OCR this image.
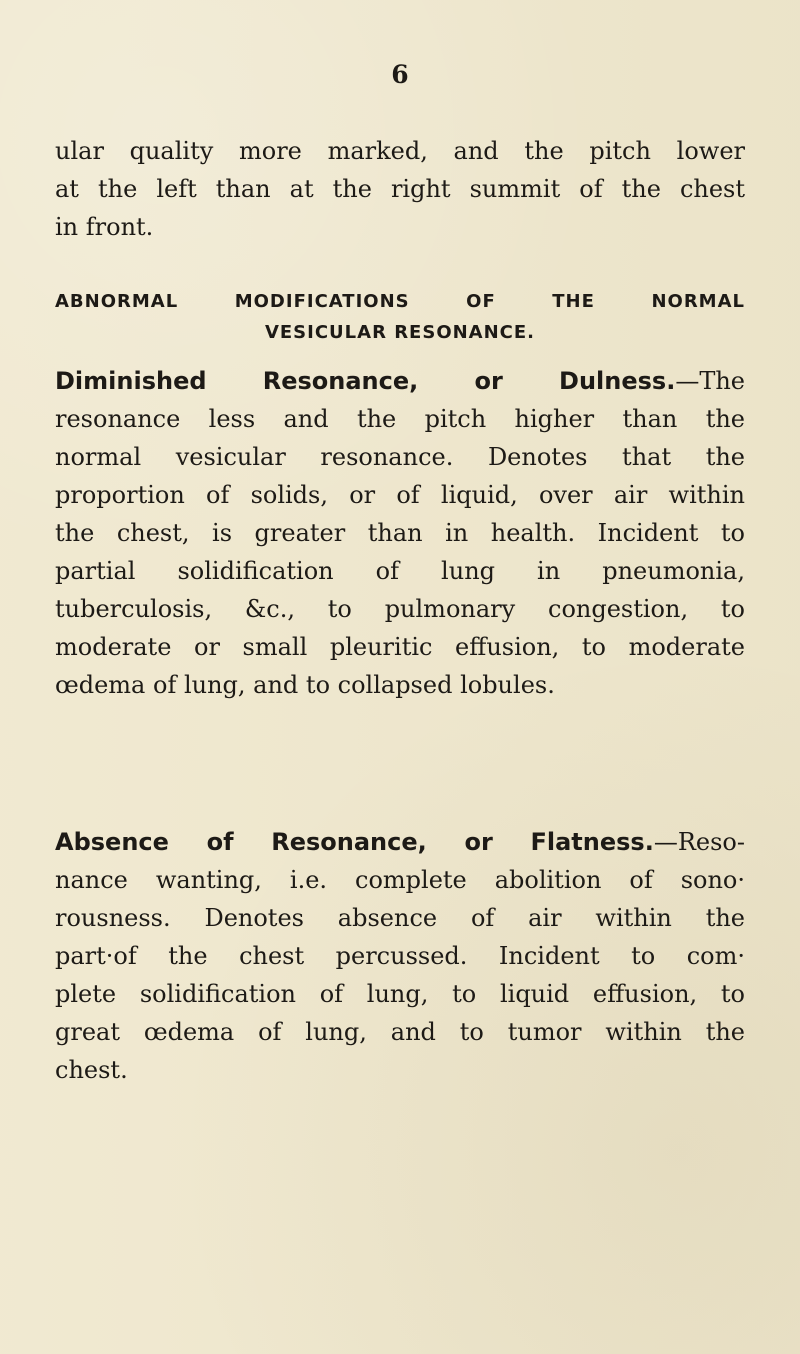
6
ular quality more marked, and the pitch lower
at the left than at the right summit of the chest
in front.
ABNORMAL MODIFICATIONS OF THE NORMAL
VESICULAR RESONANCE.
Diminished Resonance, or Dulness.—The
resonance less and the pitch higher than the
normal vesicular resonance. Denotes that the
proportion of solids, or of liquid, over air within
the chest, is greater than in health. Incident to
partial solidification of lung in pneumonia,
tuberculosis, &c., to pulmonary congestion, to
moderate or small pleuritic effusion, to moderate
œdema of lung, and to collapsed lobules.
Absence of Resonance, or Flatness.—Reso-
nance wanting, i.e. complete abolition of sono·
rousness. Denotes absence of air within the
part·of the chest percussed. Incident to com·
plete solidification of lung, to liquid effusion, to
great œdema of lung, and to tumor within the
chest.
